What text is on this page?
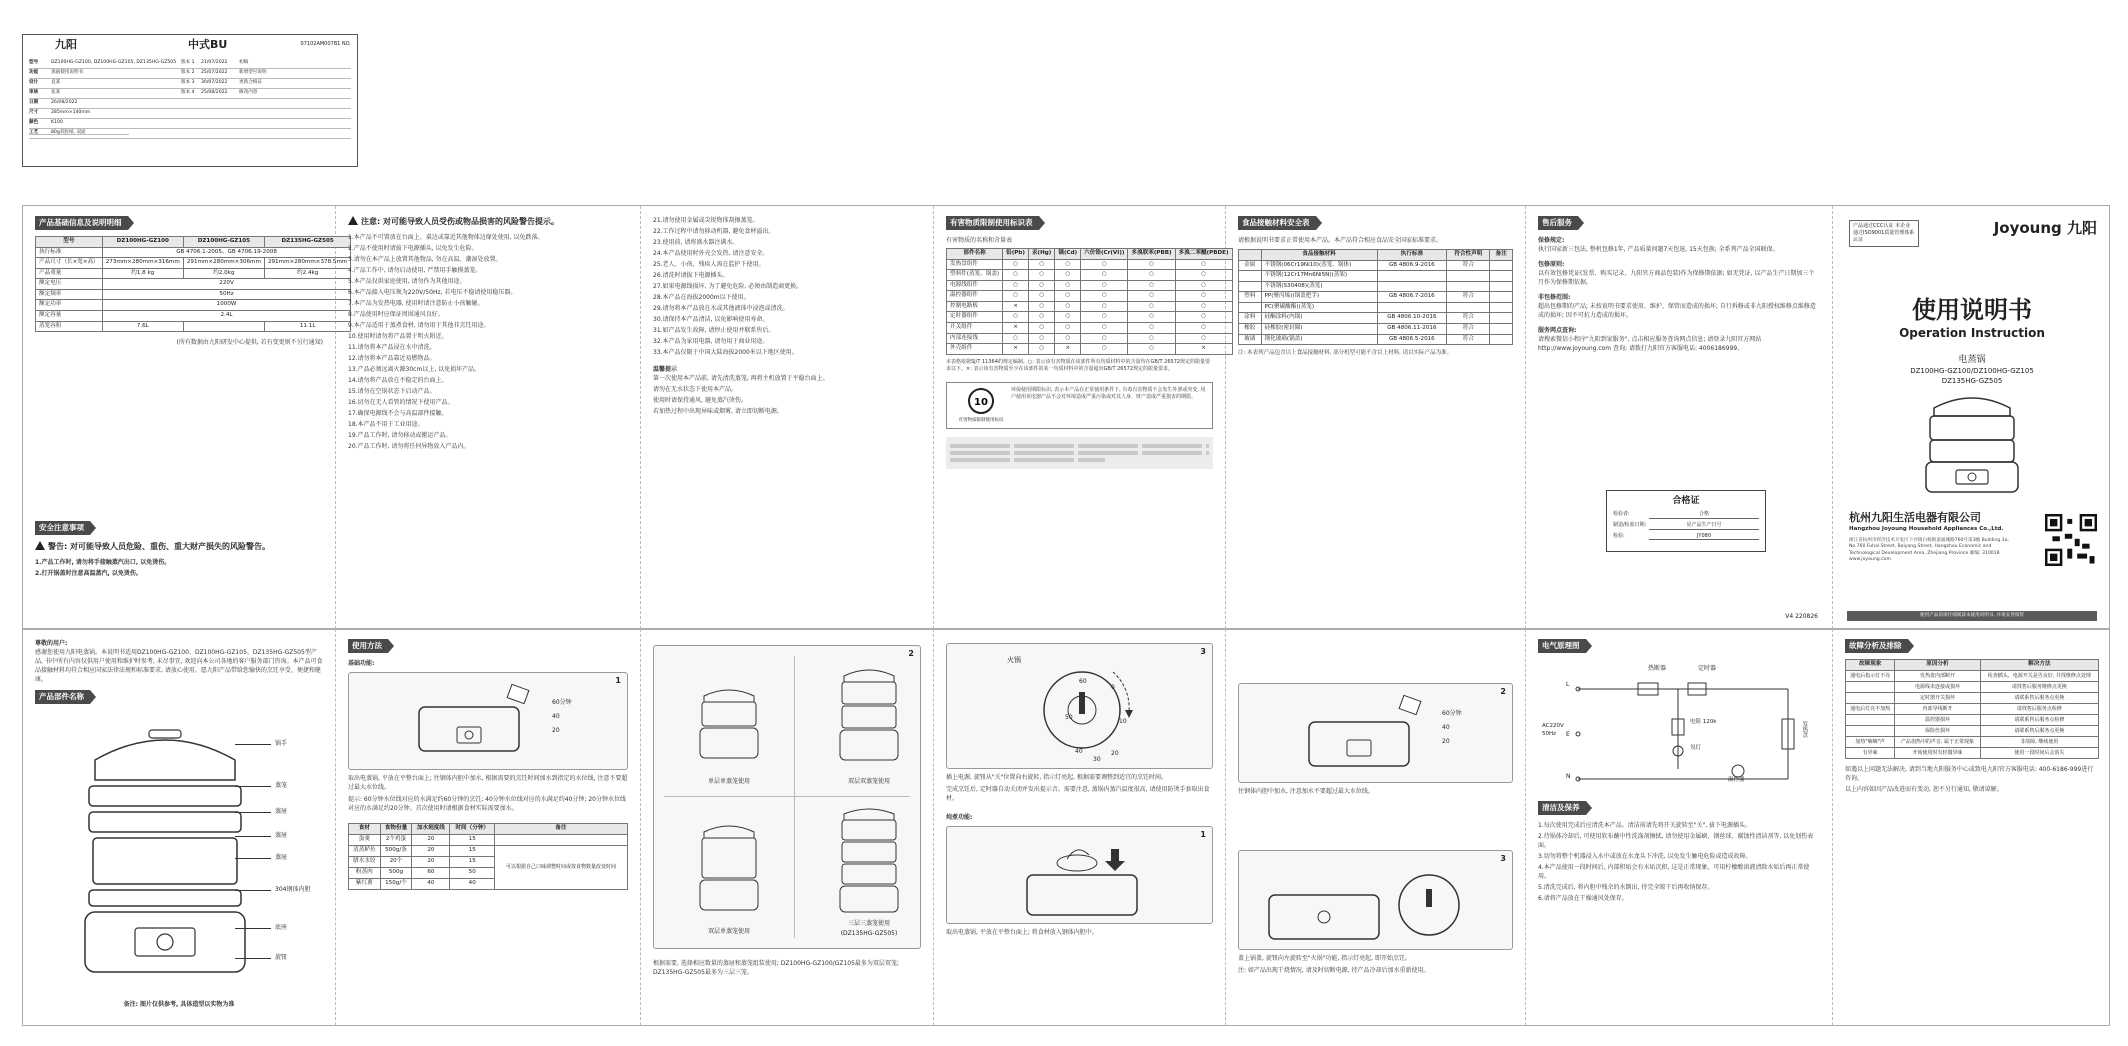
九阳	中式BU	07102AM007B1 NO.
型号	DZ100HG-GZ100, DZ100HG-GZ105, DZ135HG-GZ505	版本 1	21/07/2022	初稿
功能	蒸锅使用说明书	版本 2	25/07/2022	新增型号说明
设计	袁某	版本 3	30/07/2022	更新合格证
审核	张某	版本 4	25/08/2022	修改内容
日期	26/08/2022
尺寸	285mm×140mm
颜色	K100
工艺	80g双胶纸, 双面
产品基础信息及说明明细
型号	DZ100HG-GZ100	DZ100HG-GZ105	DZ135HG-GZ505
执行标准	GB 4706.1-2005、GB 4706.19-2008		
产品尺寸（长×宽×高）	273mm×280mm×316mm	291mm×280mm×306mm	291mm×280mm×378.5mm
产品重量	约1.8 kg	约2.0kg	约2.4kg
额定电压	220V		
额定频率	50Hz		
额定功率	1000W		
额定容量	2.4L		
蒸笼容积	7.6L		11.1L
(所有数据由九阳研发中心提供, 若有变更则不另行通知)
安全注意事项
警告: 对可能导致人员危险、重伤、重大财产损失的风险警告。

1.产品工作时, 请勿将手接触蒸汽出口, 以免烫伤。

2.打开锅盖时注意高温蒸汽, 以免烫伤。

注意: 对可能导致人员受伤或物品损害的风险警告提示。

1.本产品不可置放在台面上、桌边或靠近其他物体边缘处使用, 以免跌落。

2.产品不使用时请拔下电源插头, 以免发生危险。

3.请勿在本产品上放置其他物品, 勿在高温、潮湿处放置。

4.产品工作中, 请勿启动使用, 严禁用手触摸蒸笼。

5.本产品仅供家庭使用, 请勿作为其他用途。

6.本产品接入电压须为220V/50Hz, 若电压不稳请使用稳压器。

7.本产品为发热电器, 使用时请注意防止小孩触碰。

8.产品使用时应保证周围通风良好。

9.本产品适用于蒸煮食材, 请勿用于其他非烹饪用途。

10.使用时请勿将产品置于明火附近。

11.请勿将本产品浸在水中清洗。

12.请勿将本产品靠近易燃物品。

13.产品必须远离火源30cm以上, 以免损坏产品。

14.请勿将产品放在不稳定的台面上。

15.请勿在空锅状态下启动产品。

16.切勿在无人看管的情况下使用产品。

17.确保电源线不会与高温部件接触。

18.本产品不用于工业用途。

19.产品工作时, 请勿移动或搬运产品。

20.产品工作时, 请勿将任何异物放入产品内。

21.请勿使用金属或尖锐物体刮擦蒸笼。

22.工作过程中请勿移动机器, 避免食材溢出。

23.使用前, 请将盛水器注满水。

24.本产品使用时外壳会发热, 请注意安全。

25.老人、小孩、残疾人需在监护下使用。

26.清洗时请拔下电源插头。

27.如果电源线损坏, 为了避免危险, 必须由制造商更换。

28.本产品在海拔2000m以下使用。

29.请勿将本产品放在水或其他液体中浸泡或清洗。

30.请保持本产品清洁, 以免影响使用寿命。

31.如产品发生故障, 请停止使用并联系售后。

32.本产品为家用电器, 请勿用于商业用途。

33.本产品仅限于中国大陆海拔2000米以下地区使用。

温馨提示

第一次使用本产品前, 请先清洗蒸笼, 再将主机放置于平稳台面上。

请勿在无水状态下使用本产品。

使用时请保持通风, 避免蒸汽烫伤。

若加热过程中出现异味或烟雾, 请立即切断电源。

有害物质限制使用标识表
有害物质的名称和含量表
部件名称	铅(Pb)	汞(Hg)	镉(Cd)	六价铬(Cr(VI))	多溴联苯(PBB)	多溴二苯醚(PBDE)
发热盘组件	○	○	○	○	○	○
塑料件(蒸笼、锅盖)	○	○	○	○	○	○
电源线组件	○	○	○	○	○	○
温控器组件	○	○	○	○	○	○
控制电路板	×	○	○	○	○	○
定时器组件	○	○	○	○	○	○
开关组件	×	○	○	○	○	○
内部连接线	○	○	○	○	○	○
外壳组件	×	○	×	○	○	×
本表格依据SJ/T 11364的规定编制。○: 表示该有害物质在该部件所有均质材料中的含量均在GB/T 26572规定的限量要求以下。×: 表示该有害物质至少在该部件的某一均质材料中的含量超出GB/T 26572规定的限量要求。
10
有害物质限制使用标识
环保使用期限标识, 表示本产品在正常使用条件下, 有毒有害物质不会发生外泄或突变, 用户使用该电器产品不会对环境造成严重污染或对其人身、财产造成严重损害的期限。
食品接触材料安全表
请根据说明书要求正常使用本产品。本产品符合相应食品安全国家标准要求。
	食品接触材料	执行标准	符合性声明	备注
金属	不锈钢(06Cr19Ni10)(蒸笼、锅体)	GB 4806.9-2016	符合	
	不锈钢(12Cr17Mn6Ni5N)(蒸架)			
	不锈钢(S30408)(蒸笼)			
塑料	PP(聚丙烯)(锅盖把手)	GB 4806.7-2016	符合	
	PC(聚碳酸酯)(蒸笼)			
涂料	硅酮涂料(内锅)	GB 4806.10-2016	符合	
橡胶	硅橡胶(密封圈)	GB 4806.11-2016	符合	
玻璃	钢化玻璃(锅盖)	GB 4806.5-2016	符合	
注: 本表列产品包含以上食品接触材料, 部分机型可能不含以上材料, 请以实际产品为准。
售后服务
保修规定:
执行国家新三包法, 整机包修1年, 产品质量问题7天包退, 15天包换; 全系列产品全国联保。
包修原则:
以有效包修凭证(发票、购买记录、九阳官方商品包装)作为保修期依据; 如无凭证, 以产品生产日期加三个月作为保修期依据。
非包修范围:
超出包修期的产品; 未按说明书要求使用、维护、保管而造成的损坏; 自行拆修或非九阳授权维修点维修造成的损坏; 因不可抗力造成的损坏。
服务网点查询:
请搜索微信小程序"九阳到家服务", 点击相应服务查询网点信息; 请登录九阳官方网站 http://www.joyoung.com 查询; 请拨打九阳官方客服电话: 4006186999。
合格证
检验者:	合格
制造/检验日期:	见产品生产日号
检验:	JY080
V4 220826
产品通过CCC认证 本企业通过ISO9001质量管理体系认证
Joyoung 九阳
使用说明书
Operation Instruction
电蒸锅
DZ100HG-GZ100/DZ100HG-GZ105
DZ135HG-GZ505
杭州九阳生活电器有限公司
Hangzhou Joyoung Household Appliances Co.,Ltd.
浙江省杭州市经济技术开发区下沙镇白杨街道福城路760号第3幢 Building 3a, No.760 Fuhai Street, Baiyang Street, Hangzhou Economic and Technological Development Area, Zhejiang Province 邮编: 310018 www.joyoung.com
使用产品前请仔细阅读本使用说明书, 并请妥善保管
尊敬的用户:
感谢您使用九阳电蒸锅。本说明书适用DZ100HG-GZ100、DZ100HG-GZ105、DZ135HG-GZ505型产品, 书中所有内容仅供用户使用和维护时参考, 未尽事宜, 欢迎向本公司各地的客户服务部门咨询。本产品可食品接触材料均符合相应国家法律法规和标准要求, 请放心使用。愿九阳产品带给您愉快的烹饪享受、便捷和健康。
产品部件名称
锅手
蒸笼
蒸屉
蒸屉
蒸屉
304钢体内胆
底座
旋钮
备注: 图片仅供参考, 具体造型以实物为准
使用方法
基础功能:
1
60分钟
40
20
取出电蒸锅, 平放在平整台面上; 往钢体内胆中加水, 根据需要的烹饪时间加水到指定的水位线, 注意不要超过最大水位线。
提示: 60分钟水位线对应的水满足约60分钟的烹饪; 40分钟水位线对应的水满足约40分钟; 20分钟水位线对应的水满足约20分钟。首次使用时请根据食材实际需要加水。
食材	食物份量	加水刻度线	时间（分钟）	备注
蛋羹	2个鸡蛋	20	15	
清蒸鲈鱼	500g/条	20	15	可以根据自己口味调整时间或按食物数量改变时间
腊水水饺	20个	20	15	
粉蒸肉	500g	60	50	
紫红薯	150g/个	40	40	
2
单层单蒸笼使用	双层双蒸笼使用
双层单蒸笼使用
三层三蒸笼使用
(DZ135HG-GZ505)
根据需要, 选择相应数量的蒸屉和蒸笼组装使用; DZ100HG-GZ100/GZ105最多为双层双笼; DZ135HG-GZ505最多为三层三笼。
3
60
50
40
30
20
10
0
火锅
插上电源, 旋钮从"关"位置向右旋转, 指示灯亮起, 根据需要调整到适宜的烹饪时间。
完成烹饪后, 定时器自动关闭并发出提示音。需要注意, 蒸锅内蒸汽温度很高, 请使用防烫手套取出食材。
炖煮功能:
1
取出电蒸锅, 平放在平整台面上; 将食材放入钢体内胆中。
2
60分钟
40
20
往钢体内胆中加水, 注意加水不要超过最大水位线。
3
盖上锅盖, 旋钮向左旋转至"火锅"功能, 指示灯亮起, 即开始烹饪。
注: 如产品出现干烧情况, 请及时切断电源, 待产品冷却后加水重新使用。
电气原理图
热断器	定时器
电阻 120k
氖灯
发热盘
温控器
AC220V 50Hz
L
E
N
清洁及保养

1.每次使用完成后应清洗本产品。清洁前请先将开关旋转至"关", 拔下电源插头。

2.待锅体冷却后, 可使用软布蘸中性洗涤剂擦拭, 请勿使用金属刷、钢丝球、腐蚀性清洁剂等, 以免划伤表面。

3.切勿将整个机器浸入水中或放在水龙头下冲洗, 以免发生触电危险或造成故障。

4.本产品使用一段时间后, 内部积垢会有水垢沉积, 这是正常现象。可用柠檬酸溶液清除水垢后再正常使用。

5.清洗完成后, 将内胆中残余的水倒出, 待完全晾干后再收纳保存。

6.请将产品放在干燥通风处保存。

故障分析及排除
故障现象	原因分析	解决方法
通电后指示灯不亮	发热盘内部断开	检查插头、电源开关是否良好, 并找维修点处理
	电源线未连接或损坏	请找售后服务维修点更换
	定时器开关损坏	请联系售后服务点更换
通电后灯亮不加热	内部导线断开	请找售后服务点检修
	温控器损坏	请联系售后服务点检修
	保险丝损坏	请联系售后服务点更换
加热"嘀嘀"声	产品加热中的声音, 属于正常现象	非故障, 继续使用
有异味	开始使用时有轻微异味	使用一段时间后会消失

如遇以上问题无法解决, 请到当地九阳服务中心或致电九阳官方客服电话: 400-6186-999进行咨询。

以上内容如因产品改进而有变动, 恕不另行通知, 敬请谅解。
